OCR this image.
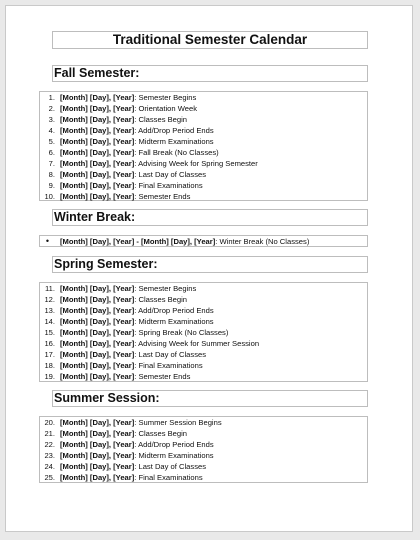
Traditional Semester Calendar
Fall Semester:
1. [Month] [Day], [Year]: Semester Begins
2. [Month] [Day], [Year]: Orientation Week
3. [Month] [Day], [Year]: Classes Begin
4. [Month] [Day], [Year]: Add/Drop Period Ends
5. [Month] [Day], [Year]: Midterm Examinations
6. [Month] [Day], [Year]: Fall Break (No Classes)
7. [Month] [Day], [Year]: Advising Week for Spring Semester
8. [Month] [Day], [Year]: Last Day of Classes
9. [Month] [Day], [Year]: Final Examinations
10. [Month] [Day], [Year]: Semester Ends
Winter Break:
• [Month] [Day], [Year] - [Month] [Day], [Year]: Winter Break (No Classes)
Spring Semester:
11. [Month] [Day], [Year]: Semester Begins
12. [Month] [Day], [Year]: Classes Begin
13. [Month] [Day], [Year]: Add/Drop Period Ends
14. [Month] [Day], [Year]: Midterm Examinations
15. [Month] [Day], [Year]: Spring Break (No Classes)
16. [Month] [Day], [Year]: Advising Week for Summer Session
17. [Month] [Day], [Year]: Last Day of Classes
18. [Month] [Day], [Year]: Final Examinations
19. [Month] [Day], [Year]: Semester Ends
Summer Session:
20. [Month] [Day], [Year]: Summer Session Begins
21. [Month] [Day], [Year]: Classes Begin
22. [Month] [Day], [Year]: Add/Drop Period Ends
23. [Month] [Day], [Year]: Midterm Examinations
24. [Month] [Day], [Year]: Last Day of Classes
25. [Month] [Day], [Year]: Final Examinations
